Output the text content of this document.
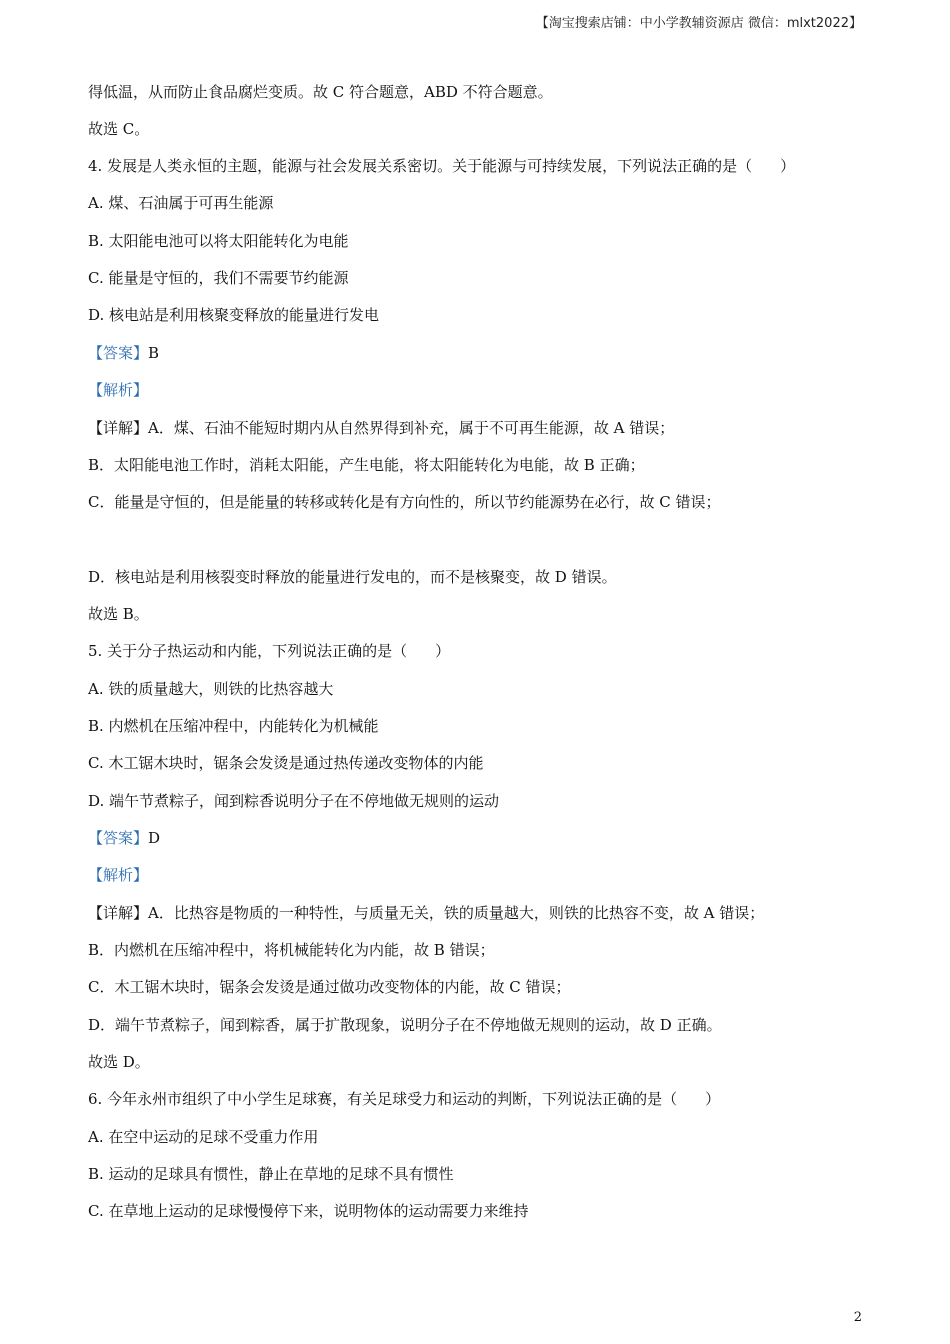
【淘宝搜索店铺：中小学教辅资源店 微信：mlxt2022】
得低温，从而防止食品腐烂变质。故 C 符合题意，ABD 不符合题意。
故选 C。
4. 发展是人类永恒的主题，能源与社会发展关系密切。关于能源与可持续发展，下列说法正确的是（ ）
A. 煤、石油属于可再生能源
B. 太阳能电池可以将太阳能转化为电能
C. 能量是守恒的，我们不需要节约能源
D. 核电站是利用核聚变释放的能量进行发电
【答案】B
【解析】
【详解】A．煤、石油不能短时期内从自然界得到补充，属于不可再生能源，故 A 错误；
B．太阳能电池工作时，消耗太阳能，产生电能，将太阳能转化为电能，故 B 正确；
C．能量是守恒的，但是能量的转移或转化是有方向性的，所以节约能源势在必行，故 C 错误；
D．核电站是利用核裂变时释放的能量进行发电的，而不是核聚变，故 D 错误。
故选 B。
5. 关于分子热运动和内能，下列说法正确的是（ ）
A. 铁的质量越大，则铁的比热容越大
B. 内燃机在压缩冲程中，内能转化为机械能
C. 木工锯木块时，锯条会发烫是通过热传递改变物体的内能
D. 端午节煮粽子，闻到粽香说明分子在不停地做无规则的运动
【答案】D
【解析】
【详解】A．比热容是物质的一种特性，与质量无关，铁的质量越大，则铁的比热容不变，故 A 错误；
B．内燃机在压缩冲程中，将机械能转化为内能，故 B 错误；
C．木工锯木块时，锯条会发烫是通过做功改变物体的内能，故 C 错误；
D．端午节煮粽子，闻到粽香，属于扩散现象，说明分子在不停地做无规则的运动，故 D 正确。
故选 D。
6. 今年永州市组织了中小学生足球赛，有关足球受力和运动的判断，下列说法正确的是（ ）
A. 在空中运动的足球不受重力作用
B. 运动的足球具有惯性，静止在草地的足球不具有惯性
C. 在草地上运动的足球慢慢停下来，说明物体的运动需要力来维持
2
